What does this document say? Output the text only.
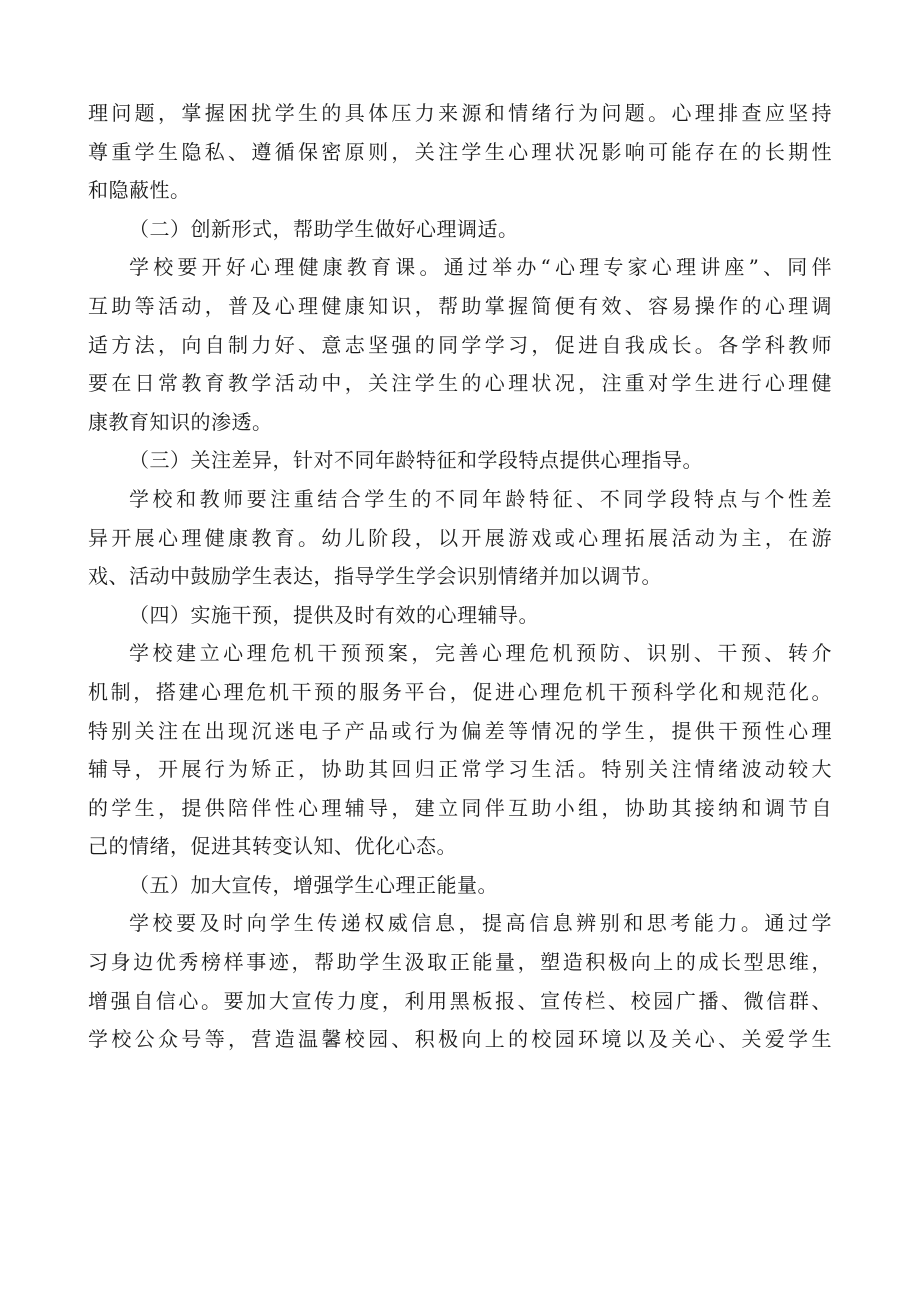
理问题，掌握困扰学生的具体压力来源和情绪行为问题。心理排查应坚持
尊重学生隐私、遵循保密原则，关注学生心理状况影响可能存在的长期性
和隐蔽性。
（二）创新形式，帮助学生做好心理调适。
学校要开好心理健康教育课。通过举办“心理专家心理讲座”、同伴
互助等活动，普及心理健康知识，帮助掌握简便有效、容易操作的心理调
适方法，向自制力好、意志坚强的同学学习，促进自我成长。各学科教师
要在日常教育教学活动中，关注学生的心理状况，注重对学生进行心理健
康教育知识的渗透。
（三）关注差异，针对不同年龄特征和学段特点提供心理指导。
学校和教师要注重结合学生的不同年龄特征、不同学段特点与个性差
异开展心理健康教育。幼儿阶段，以开展游戏或心理拓展活动为主，在游
戏、活动中鼓励学生表达，指导学生学会识别情绪并加以调节。
（四）实施干预，提供及时有效的心理辅导。
学校建立心理危机干预预案，完善心理危机预防、识别、干预、转介
机制，搭建心理危机干预的服务平台，促进心理危机干预科学化和规范化。
特别关注在出现沉迷电子产品或行为偏差等情况的学生，提供干预性心理
辅导，开展行为矫正，协助其回归正常学习生活。特别关注情绪波动较大
的学生，提供陪伴性心理辅导，建立同伴互助小组，协助其接纳和调节自
己的情绪，促进其转变认知、优化心态。
（五）加大宣传，增强学生心理正能量。
学校要及时向学生传递权威信息，提高信息辨别和思考能力。通过学
习身边优秀榜样事迹，帮助学生汲取正能量，塑造积极向上的成长型思维，
增强自信心。要加大宣传力度，利用黑板报、宣传栏、校园广播、微信群、
学校公众号等，营造温馨校园、积极向上的校园环境以及关心、关爱学生
